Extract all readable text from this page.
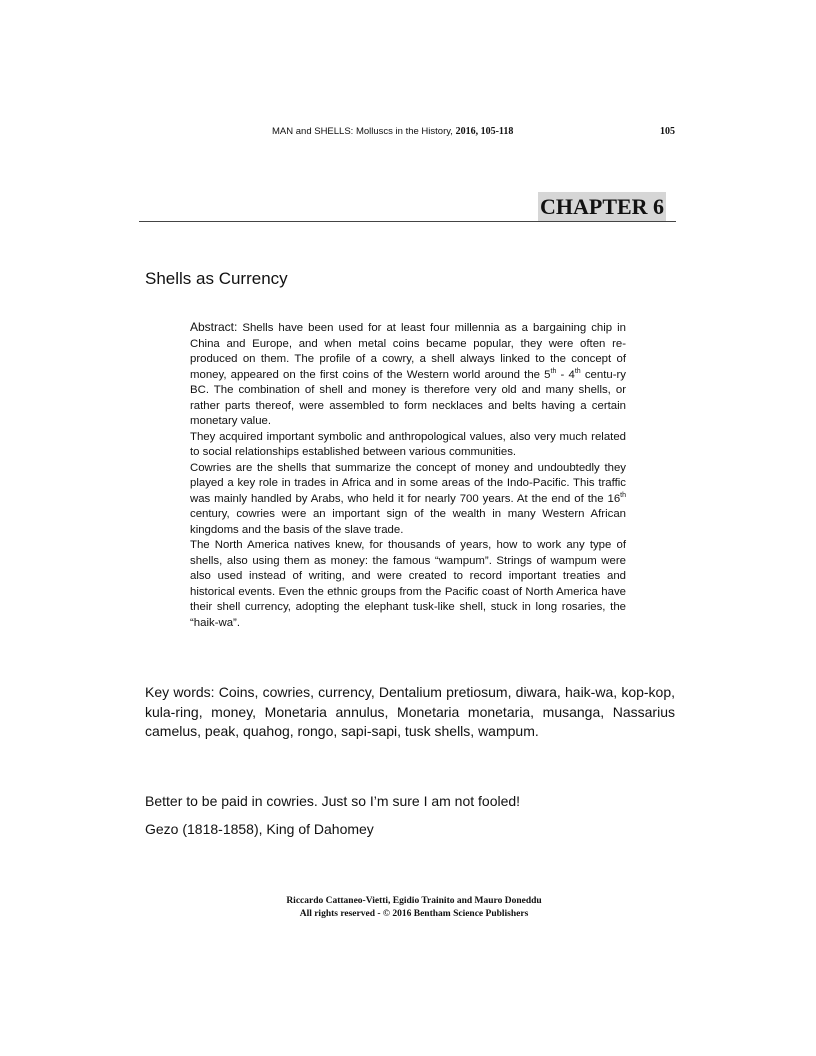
MAN and SHELLS: Molluscs in the History, 2016, 105-118	105
CHAPTER 6
Shells as Currency

Abstract: Shells have been used for at least four millennia as a bargaining chip in China and Europe, and when metal coins became popular, they were often re-produced on them. The profile of a cowry, a shell always linked to the concept of money, appeared on the first coins of the Western world around the 5th - 4th centu-ry BC. The combination of shell and money is therefore very old and many shells, or rather parts thereof, were assembled to form necklaces and belts having a certain monetary value.

They acquired important symbolic and anthropological values, also very much related to social relationships established between various communities.

Cowries are the shells that summarize the concept of money and undoubtedly they played a key role in trades in Africa and in some areas of the Indo-Pacific. This traffic was mainly handled by Arabs, who held it for nearly 700 years. At the end of the 16th century, cowries were an important sign of the wealth in many Western African kingdoms and the basis of the slave trade.

The North America natives knew, for thousands of years, how to work any type of shells, also using them as money: the famous “wampum”. Strings of wampum were also used instead of writing, and were created to record important treaties and historical events. Even the ethnic groups from the Pacific coast of North America have their shell currency, adopting the elephant tusk-like shell, stuck in long rosaries, the “haik-wa”.

Key words: Coins, cowries, currency, Dentalium pretiosum, diwara, haik-wa, kop-kop, kula-ring, money, Monetaria annulus, Monetaria monetaria, musanga, Nassarius camelus, peak, quahog, rongo, sapi-sapi, tusk shells, wampum.

Better to be paid in cowries. Just so I’m sure I am not fooled!

Gezo (1818-1858), King of Dahomey

Riccardo Cattaneo-Vietti, Egidio Trainito and Mauro Doneddu
All rights reserved - © 2016 Bentham Science Publishers
